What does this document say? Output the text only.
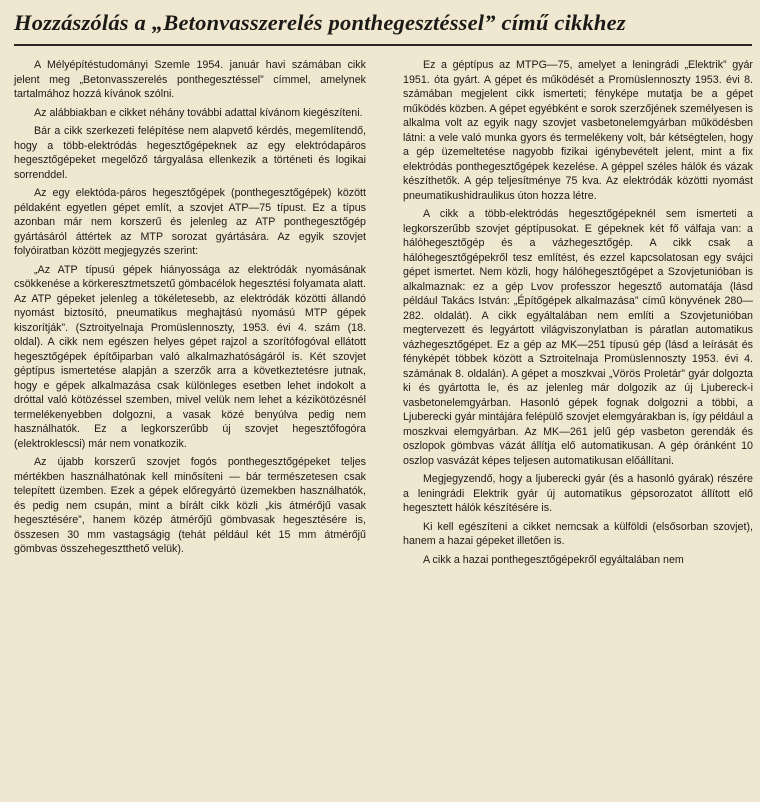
Hozzászólás a „Betonvasszerelés ponthegesztéssel” című cikkhez

A Mélyépítéstudományi Szemle 1954. január havi számában cikk jelent meg „Betonvasszerelés ponthegesztéssel” címmel, amelynek tartalmához hozzá kívánok szólni.

Az alábbiakban e cikket néhány további adattal kívánom kiegészíteni.

Bár a cikk szerkezeti felépítése nem alapvető kérdés, megemlítendő, hogy a több-elektródás hegesztőgépeknek az egy elektródapáros hegesztőgépeket megelőző tárgyalása ellenkezik a történeti és logikai sorrenddel.

Az egy elektóda-páros hegesztőgépek (ponthegesztőgépek) között példaként egyetlen gépet említ, a szovjet ATP—75 típust. Ez a típus azonban már nem korszerű és jelenleg az ATP ponthegesztőgép gyártásáról áttértek az MTP sorozat gyártására. Az egyik szovjet folyóiratban között megjegyzés szerint:

„Az ATP típusú gépek hiányossága az elektródák nyomásának csökkenése a körkeresztmetszetű gömbacélok hegesztési folyamata alatt. Az ATP gépeket jelenleg a tökéletesebb, az elektródák közötti állandó nyomást biztosító, pneumatikus meghajtású nyomású MTP gépek kiszorítják”. (Sztroityelnaja Promüslennoszty, 1953. évi 4. szám (18. oldal). A cikk nem egészen helyes gépet rajzol a szorítófogóval ellátott hegesztőgépek építőiparban való alkalmazhatóságáról is. Két szovjet géptípus ismertetése alapján a szerzők arra a következtetésre jutnak, hogy e gépek alkalmazása csak különleges esetben lehet indokolt a dróttal való kötözéssel szemben, mivel velük nem lehet a kézikötözésnél termelékenyebben dolgozni, a vasak közé benyúlva pedig nem használhatók. Ez a legkorszerűbb új szovjet hegesztőfogóra (elektroklescsi) már nem vonatkozik.

Az újabb korszerű szovjet fogós ponthegesztőgépeket teljes mértékben használhatónak kell minősíteni — bár természetesen csak telepített üzemben. Ezek a gépek előregyártó üzemekben használhatók, és pedig nem csupán, mint a bírált cikk közli „kis átmérőjű vasak hegesztésére”, hanem közép átmérőjű gömbvasak hegesztésére is, összesen 30 mm vastagságig (tehát például két 15 mm átmérőjű gömbvas összehegesztthető velük).

Ez a géptípus az MTPG—75, amelyet a leningrádi „Elektrik” gyár 1951. óta gyárt. A gépet és működését a Promüslennoszty 1953. évi 8. számában megjelent cikk ismerteti; fényképe mutatja be a gépet működés közben. A gépet egyébként e sorok szerzőjének személyesen is alkalma volt az egyik nagy szovjet vasbetonelemgyárban működésben látni: a vele való munka gyors és termelékeny volt, bár kétségtelen, hogy a gép üzemeltetése nagyobb fizikai igénybevételt jelent, mint a fix elektródás ponthegesztőgépek kezelése. A géppel széles hálók és vázak készíthetők. A gép teljesítménye 75 kva. Az elektródák közötti nyomást pneumatikushidraulikus úton hozza létre.

A cikk a több-elektródás hegesztőgépeknél sem ismerteti a legkorszerűbb szovjet géptípusokat. E gépeknek két fő válfaja van: a hálóhegesztőgép és a vázhegesztőgép. A cikk csak a hálóhegesztőgépekről tesz említést, és ezzel kapcsolatosan egy svájci gépet ismertet. Nem közli, hogy hálóhegesztőgépet a Szovjetunióban is alkalmaznak: ez a gép Lvov professzor hegesztő automatája (lásd például Takács István: „Építőgépek alkalmazása” című könyvének 280—282. oldalát). A cikk egyáltalában nem említi a Szovjetunióban megtervezett és legyártott világviszonylatban is páratlan automatikus vázhegesztőgépet. Ez a gép az MK—251 típusú gép (lásd a leírását és fényképét többek között a Sztroitelnaja Promüslennoszty 1953. évi 4. számának 8. oldalán). A gépet a moszkvai „Vörös Proletár” gyár dolgozta ki és gyártotta le, és az jelenleg már dolgozik az új Ljubereck-i vasbetonelemgyárban. Hasonló gépek fognak dolgozni a többi, a Ljuberecki gyár mintájára felépülő szovjet elemgyárakban is, így például a moszkvai elemgyárban. Az MK—261 jelű gép vasbeton gerendák és oszlopok gömbvas vázát állítja elő automatikusan. A gép óránként 10 oszlop vasvázát képes teljesen automatikusan előállítani.

Megjegyzendő, hogy a ljuberecki gyár (és a hasonló gyárak) részére a leningrádi Elektrik gyár új automatikus gépsorozatot állított elő hegesztett hálók készítésére is.

Ki kell egészíteni a cikket nemcsak a külföldi (elsősorban szovjet), hanem a hazai gépeket illetően is.

A cikk a hazai ponthegesztőgépekről egyáltalában nem
